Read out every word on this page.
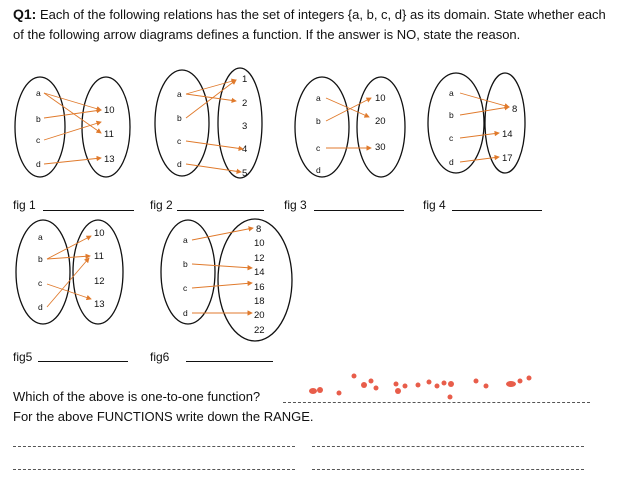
Q1: Each of the following relations has the set of integers {a, b, c, d} as its domain. State whether each of the following arrow diagrams defines a function. If the answer is NO, state the reason.
a
b
c
d
10
11
13
a
b
c
d
1
2
3
4
5
a
b
c
d
10
20
30
a
b
c
d
8
14
17
a
b
c
d
10
11
12
13
a
b
c
d
8
10
12
14
16
18
20
22
fig 1	fig 2	fig 3	fig 4
fig5	fig6
Which of the above is one-to-one function?
For the above FUNCTIONS write down the RANGE.
